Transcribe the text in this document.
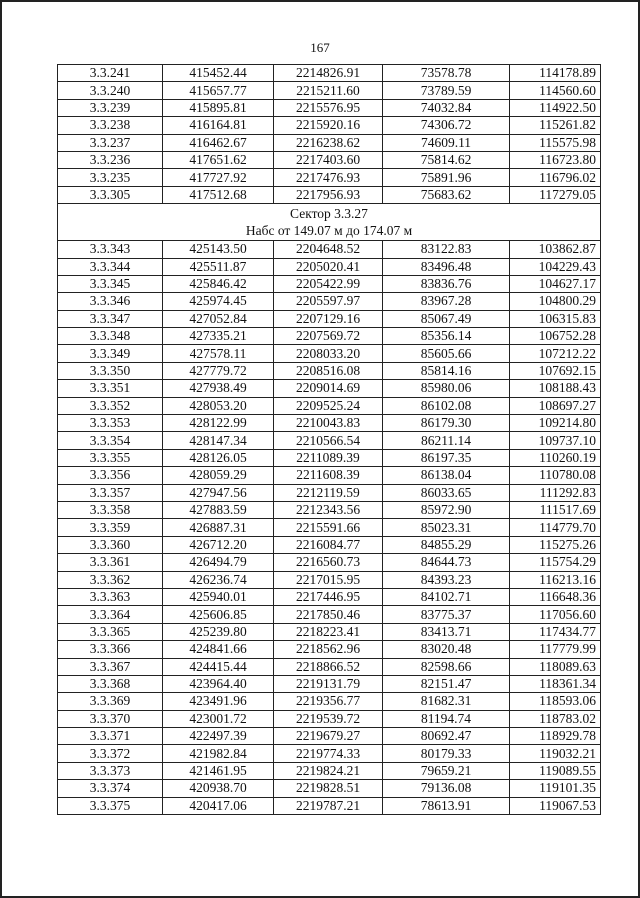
167
3.3.241	415452.44	2214826.91	73578.78	114178.89
3.3.240	415657.77	2215211.60	73789.59	114560.60
3.3.239	415895.81	2215576.95	74032.84	114922.50
3.3.238	416164.81	2215920.16	74306.72	115261.82
3.3.237	416462.67	2216238.62	74609.11	115575.98
3.3.236	417651.62	2217403.60	75814.62	116723.80
3.3.235	417727.92	2217476.93	75891.96	116796.02
3.3.305	417512.68	2217956.93	75683.62	117279.05

Сектор 3.3.27
Набс от 149.07 м до 174.07 м				

3.3.343	425143.50	2204648.52	83122.83	103862.87
3.3.344	425511.87	2205020.41	83496.48	104229.43
3.3.345	425846.42	2205422.99	83836.76	104627.17
3.3.346	425974.45	2205597.97	83967.28	104800.29
3.3.347	427052.84	2207129.16	85067.49	106315.83
3.3.348	427335.21	2207569.72	85356.14	106752.28
3.3.349	427578.11	2208033.20	85605.66	107212.22
3.3.350	427779.72	2208516.08	85814.16	107692.15
3.3.351	427938.49	2209014.69	85980.06	108188.43
3.3.352	428053.20	2209525.24	86102.08	108697.27
3.3.353	428122.99	2210043.83	86179.30	109214.80
3.3.354	428147.34	2210566.54	86211.14	109737.10
3.3.355	428126.05	2211089.39	86197.35	110260.19
3.3.356	428059.29	2211608.39	86138.04	110780.08
3.3.357	427947.56	2212119.59	86033.65	111292.83
3.3.358	427883.59	2212343.56	85972.90	111517.69
3.3.359	426887.31	2215591.66	85023.31	114779.70
3.3.360	426712.20	2216084.77	84855.29	115275.26
3.3.361	426494.79	2216560.73	84644.73	115754.29
3.3.362	426236.74	2217015.95	84393.23	116213.16
3.3.363	425940.01	2217446.95	84102.71	116648.36
3.3.364	425606.85	2217850.46	83775.37	117056.60
3.3.365	425239.80	2218223.41	83413.71	117434.77
3.3.366	424841.66	2218562.96	83020.48	117779.99
3.3.367	424415.44	2218866.52	82598.66	118089.63
3.3.368	423964.40	2219131.79	82151.47	118361.34
3.3.369	423491.96	2219356.77	81682.31	118593.06
3.3.370	423001.72	2219539.72	81194.74	118783.02
3.3.371	422497.39	2219679.27	80692.47	118929.78
3.3.372	421982.84	2219774.33	80179.33	119032.21
3.3.373	421461.95	2219824.21	79659.21	119089.55
3.3.374	420938.70	2219828.51	79136.08	119101.35
3.3.375	420417.06	2219787.21	78613.91	119067.53
